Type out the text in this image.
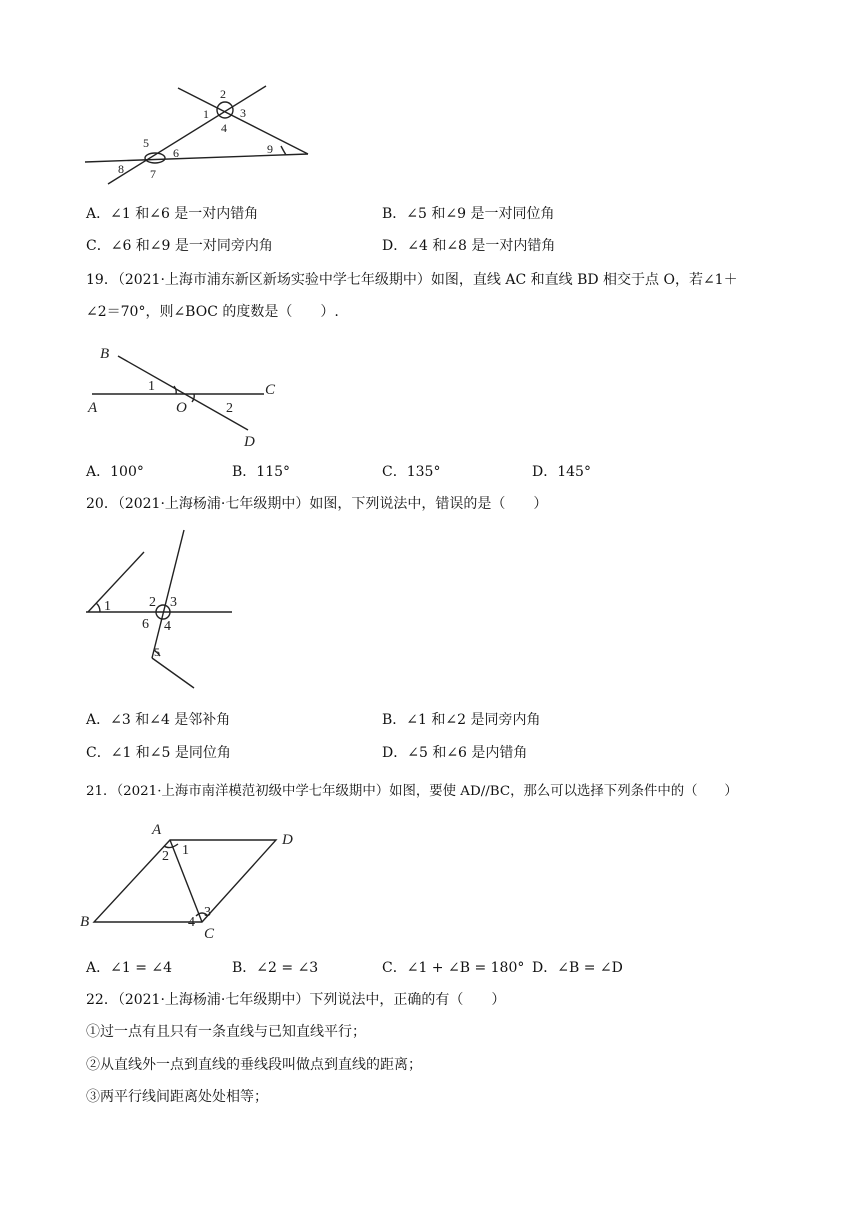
1
2
3
4
5
6
7
8
9
A．∠1 和∠6 是一对内错角	B．∠5 和∠9 是一对同位角
C．∠6 和∠9 是一对同旁内角	D．∠4 和∠8 是一对内错角
19．（2021·上海市浦东新区新场实验中学七年级期中）如图，直线 AC 和直线 BD 相交于点 O，若∠1＋
∠2＝70°，则∠BOC 的度数是（　　）.
B
A
C
O
D
1
2
A．100°	B．115°	C．135°	D．145°
20．（2021·上海杨浦·七年级期中）如图，下列说法中，错误的是（　　）
1	2 3
6 4
5
A．∠3 和∠4 是邻补角	B．∠1 和∠2 是同旁内角
C．∠1 和∠5 是同位角	D．∠5 和∠6 是内错角
21．（2021·上海市南洋模范初级中学七年级期中）如图，要使 AD//BC，那么可以选择下列条件中的（　　）
A
D
B
C
1
2
3
4
A．∠1 = ∠4	B．∠2 = ∠3	C．∠1 + ∠B = 180° D．∠B = ∠D
22．（2021·上海杨浦·七年级期中）下列说法中，正确的有（　　）
①过一点有且只有一条直线与已知直线平行；
②从直线外一点到直线的垂线段叫做点到直线的距离；
③两平行线间距离处处相等；
